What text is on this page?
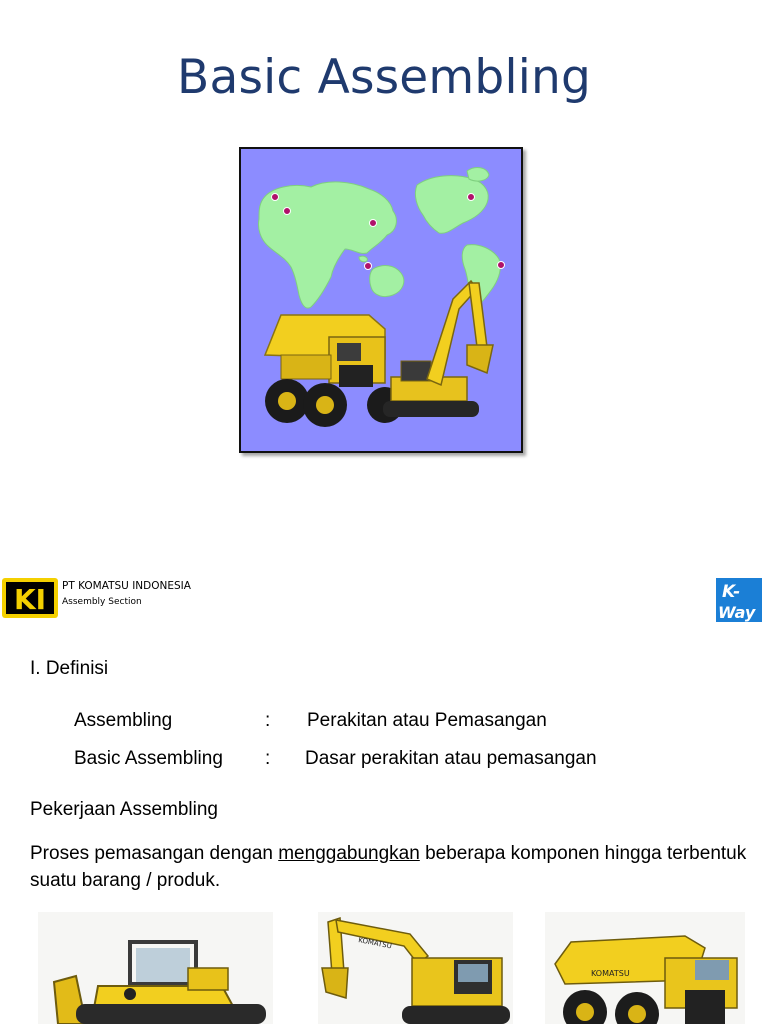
Basic Assembling
KI PT KOMATSU INDONESIA
Assembly Section	K-
Way
I. Definisi
Assembling	: Perakitan atau Pemasangan
Basic Assembling : Dasar perakitan atau pemasangan
Pekerjaan Assembling
Proses pemasangan dengan menggabungkan beberapa komponen hingga terbentuk suatu barang / produk.
KOMATSU
KOMATSU
